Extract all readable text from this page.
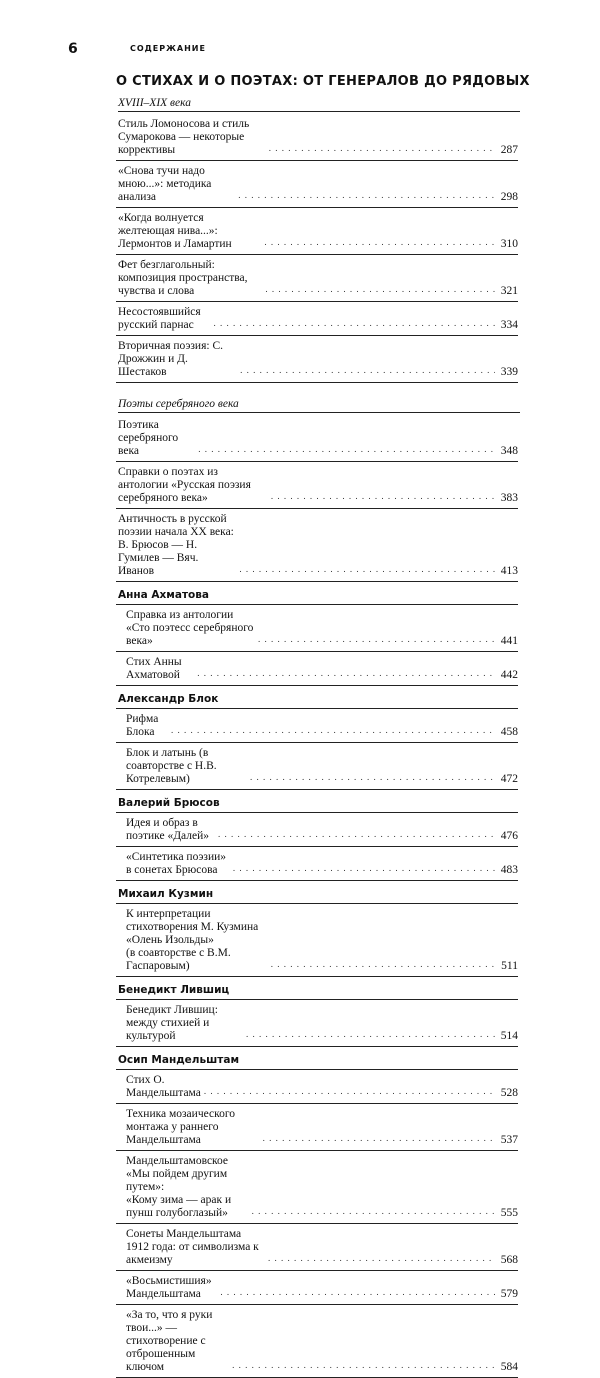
6	СОДЕРЖАНИЕ
О СТИХАХ И О ПОЭТАХ: ОТ ГЕНЕРАЛОВ ДО РЯДОВЫХ
XVIII–XIX века
Стиль Ломоносова и стиль Сумарокова — некоторые коррективы . . .	287
«Снова тучи надо мною...»: методика анализа . . .	298
«Когда волнуется желтеющая нива...»: Лермонтов и Ламартин . . .	310
Фет безглагольный: композиция пространства, чувства и слова . . .	321
Несостоявшийся русский парнас . . .	334
Вторичная поэзия: С. Дрожжин и Д. Шестаков . . .	339
Поэты серебряного века
Поэтика серебряного века . . .	348
Справки о поэтах из антологии «Русская поэзия серебряного века» . . .	383
Античность в русской поэзии начала XX века:
В. Брюсов — Н. Гумилев — Вяч. Иванов . . .	413
Анна Ахматова
Справка из антологии «Сто поэтесс серебряного века» . . .	441
Стих Анны Ахматовой . . .	442
Александр Блок
Рифма Блока . . .	458
Блок и латынь (в соавторстве с Н.В. Котрелевым) . . .	472
Валерий Брюсов
Идея и образ в поэтике «Далей» . . .	476
«Синтетика поэзии» в сонетах Брюсова . . .	483
Михаил Кузмин
К интерпретации стихотворения М. Кузмина «Олень Изольды»
(в соавторстве с В.М. Гаспаровым) . . .	511
Бенедикт Лившиц
Бенедикт Лившиц: между стихией и культурой . . .	514
Осип Мандельштам
Стих О. Мандельштама . . .	528
Техника мозаического монтажа у раннего Мандельштама . . .	537
Мандельштамовское «Мы пойдем другим путем»:
«Кому зима — арак и пунш голубоглазый» . . .	555
Сонеты Мандельштама 1912 года: от символизма к акмеизму . . .	568
«Восьмистишия» Мандельштама . . .	579
«За то, что я руки твои...» —
стихотворение с отброшенным ключом . . .	584
